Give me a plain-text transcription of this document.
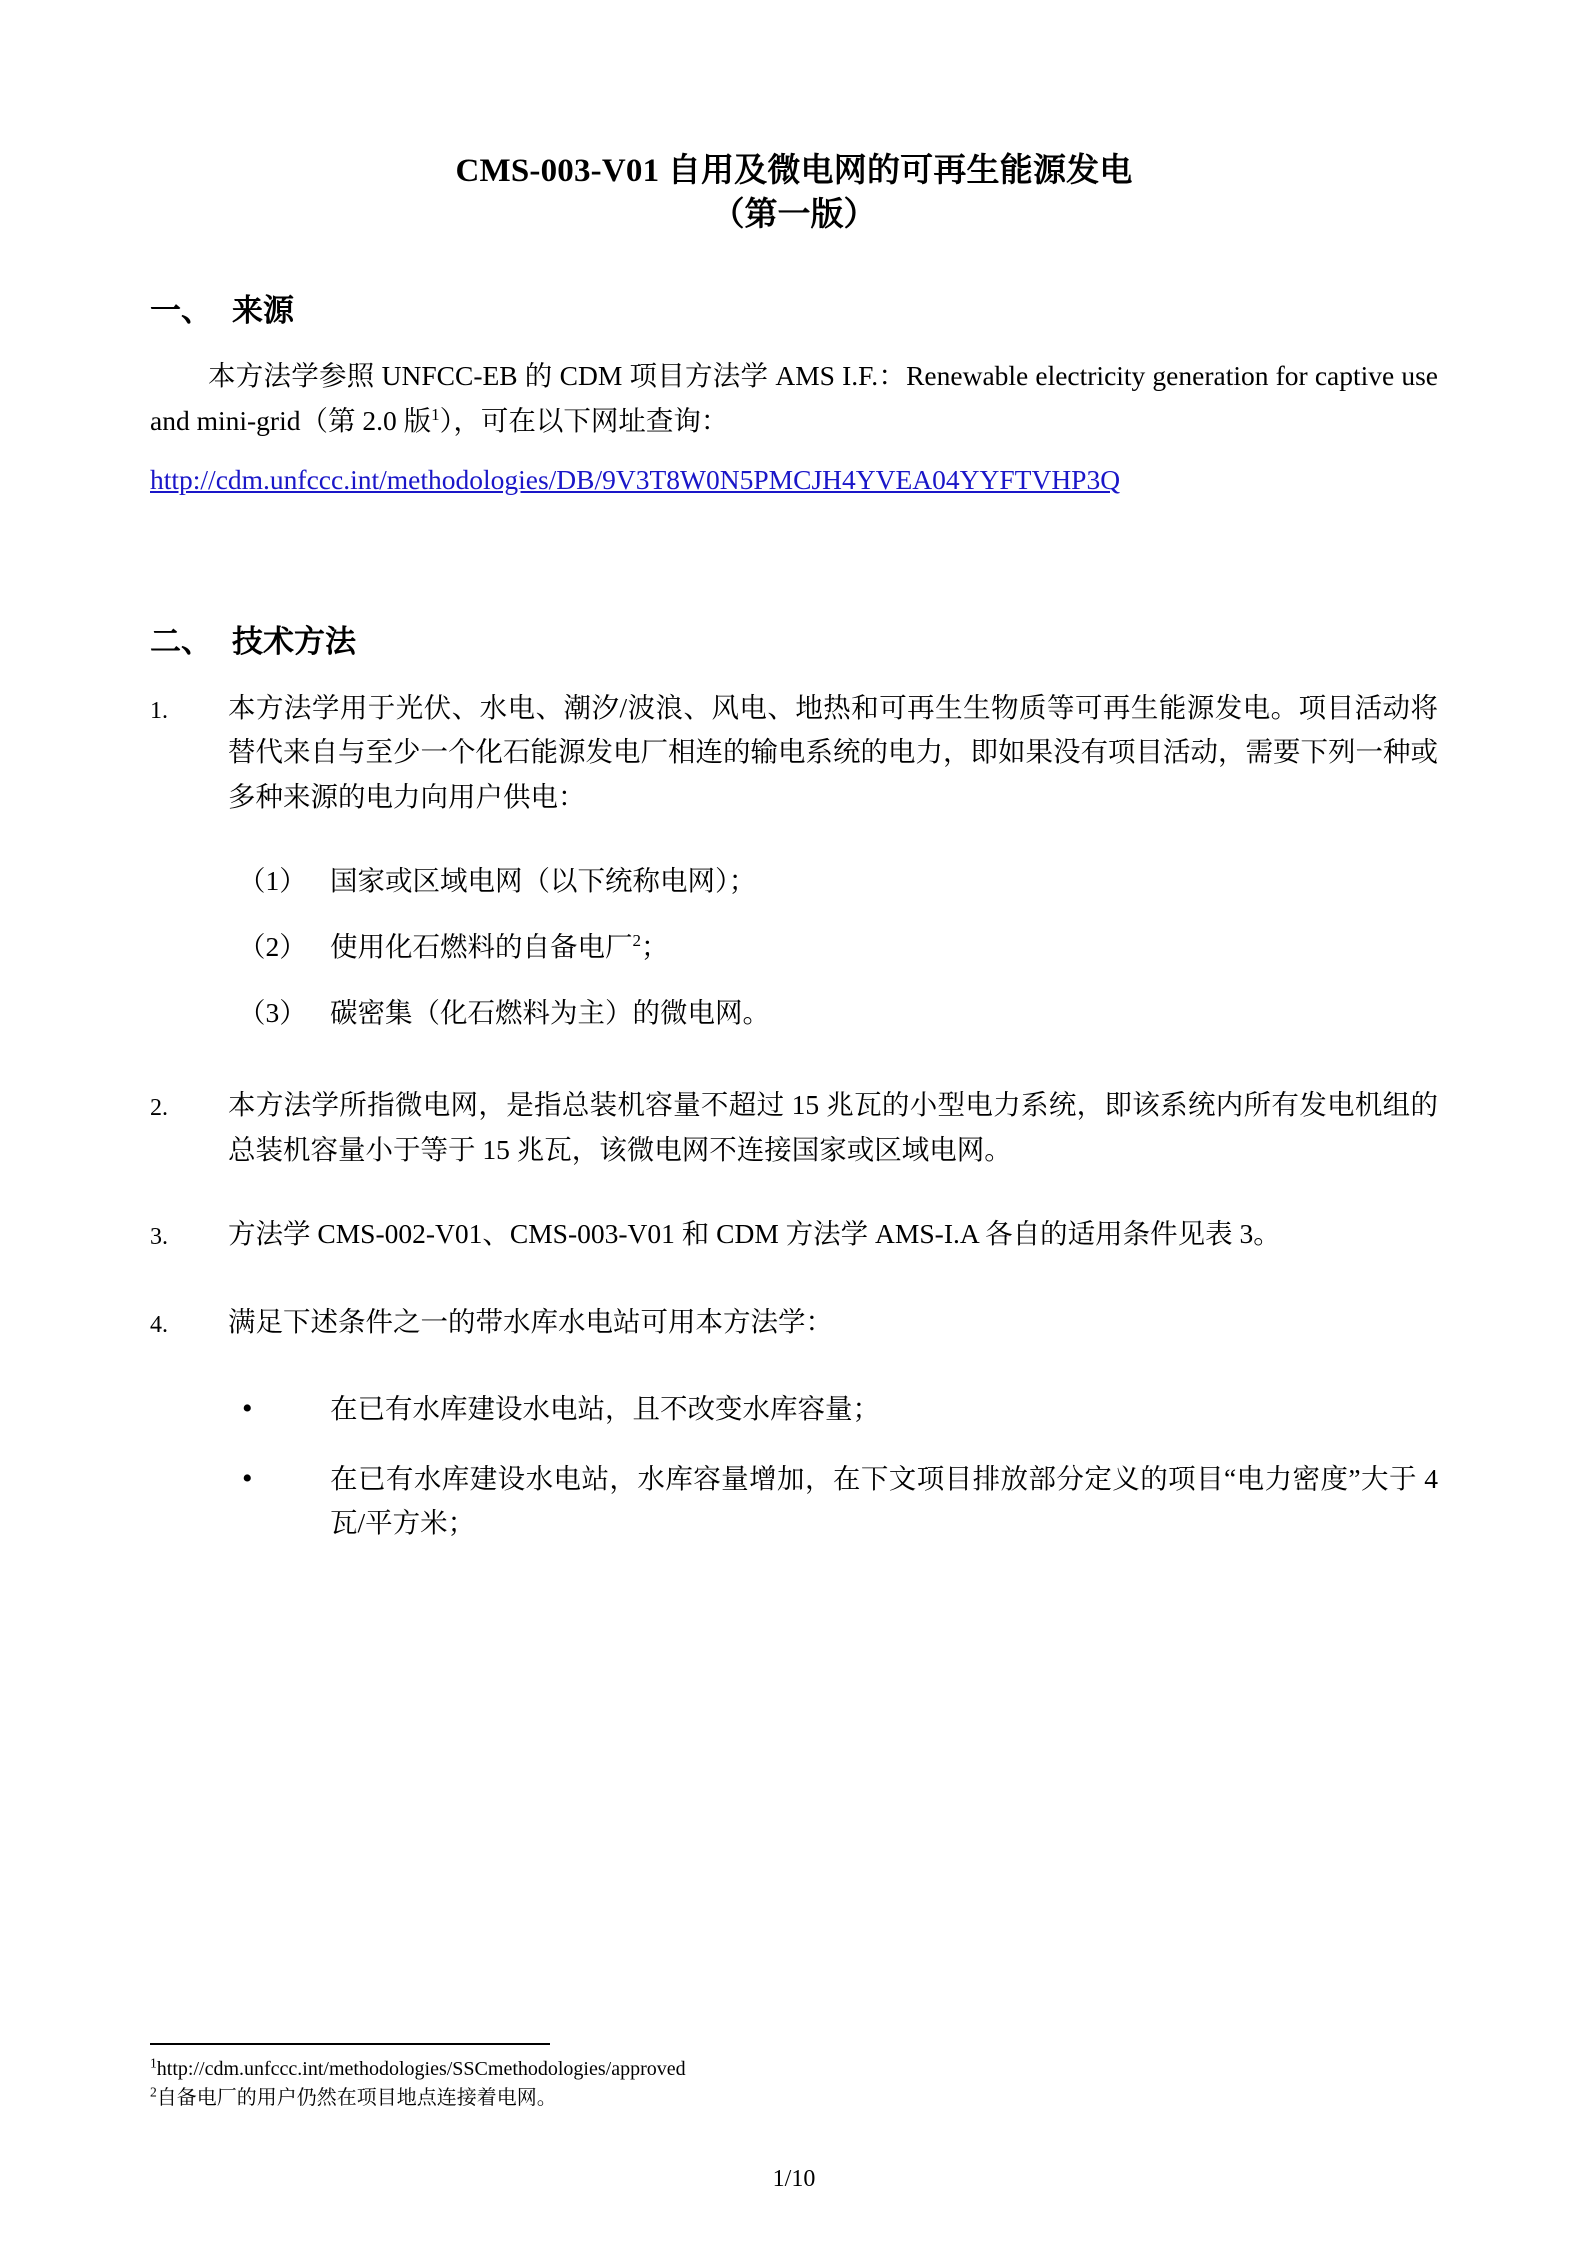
CMS-003-V01 自用及微电网的可再生能源发电
（第一版）
一、 来源

本方法学参照 UNFCC-EB 的 CDM 项目方法学 AMS I.F.：Renewable electricity generation for captive use and mini-grid（第 2.0 版$^1$），可在以下网址查询：

http://cdm.unfccc.int/methodologies/DB/9V3T8W0N5PMCJH4YVEA04YYFTVHP3Q

二、 技术方法
1.	本方法学用于光伏、水电、潮汐/波浪、风电、地热和可再生生物质等可再生能源发电。项目活动将替代来自与至少一个化石能源发电厂相连的输电系统的电力，即如果没有项目活动，需要下列一种或多种来源的电力向用户供电：
（1） 国家或区域电网（以下统称电网）；
（2） 使用化石燃料的自备电厂$^2$；
（3） 碳密集（化石燃料为主）的微电网。
2.	本方法学所指微电网，是指总装机容量不超过 15 兆瓦的小型电力系统，即该系统内所有发电机组的总装机容量小于等于 15 兆瓦，该微电网不连接国家或区域电网。
3.	方法学 CMS-002-V01、CMS-003-V01 和 CDM 方法学 AMS-I.A 各自的适用条件见表 3。
4.	满足下述条件之一的带水库水电站可用本方法学：
•	在已有水库建设水电站，且不改变水库容量；
•	在已有水库建设水电站，水库容量增加，在下文项目排放部分定义的项目“电力密度”大于 4 瓦/平方米；

$^1$http://cdm.unfccc.int/methodologies/SSCmethodologies/approved

$^2$自备电厂的用户仍然在项目地点连接着电网。

1/10
